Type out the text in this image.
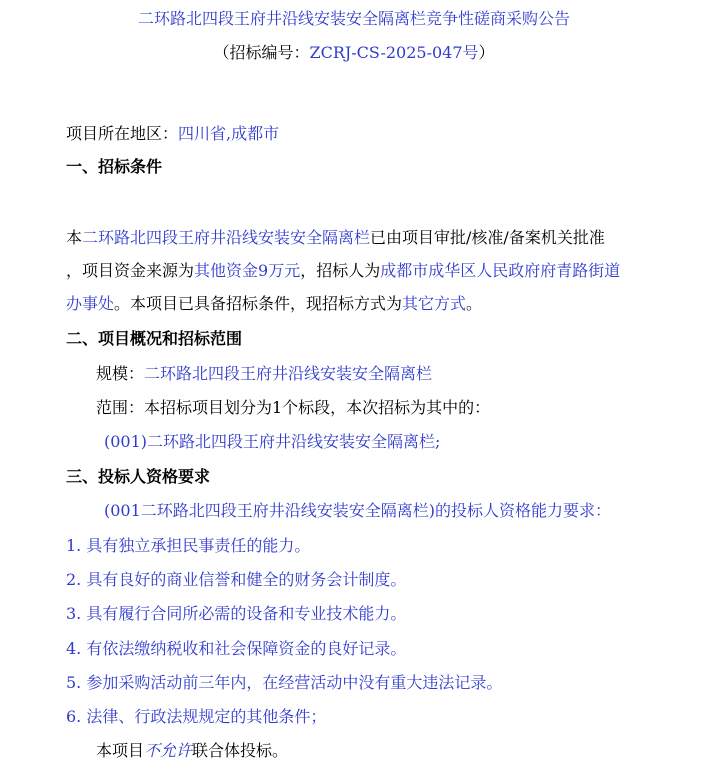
二环路北四段王府井沿线安装安全隔离栏竞争性磋商采购公告
（招标编号：ZCRJ-CS-2025-047号）
项目所在地区：四川省,成都市
一、招标条件
本二环路北四段王府井沿线安装安全隔离栏已由项目审批/核准/备案机关批准
，项目资金来源为其他资金9万元，招标人为成都市成华区人民政府府青路街道
办事处。本项目已具备招标条件，现招标方式为其它方式。
二、项目概况和招标范围
规模：二环路北四段王府井沿线安装安全隔离栏
范围：本招标项目划分为1个标段，本次招标为其中的：
(001)二环路北四段王府井沿线安装安全隔离栏;
三、投标人资格要求
(001二环路北四段王府井沿线安装安全隔离栏)的投标人资格能力要求：
1. 具有独立承担民事责任的能力。
2. 具有良好的商业信誉和健全的财务会计制度。
3. 具有履行合同所必需的设备和专业技术能力。
4. 有依法缴纳税收和社会保障资金的良好记录。
5. 参加采购活动前三年内，在经营活动中没有重大违法记录。
6. 法律、行政法规规定的其他条件；
本项目不允许联合体投标。
